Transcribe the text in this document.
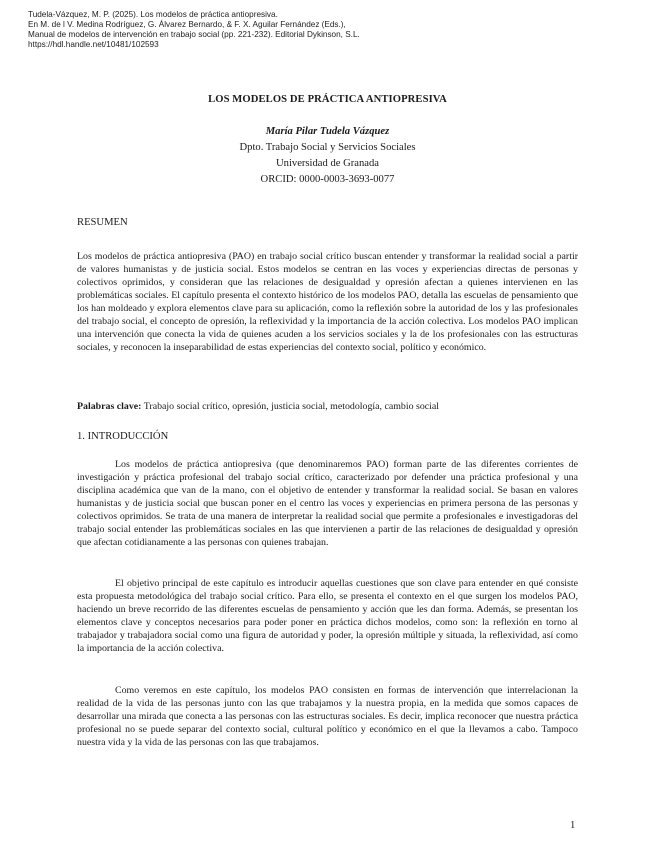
Tudela-Vázquez, M. P. (2025). Los modelos de práctica antiopresiva.
En M. de l V. Medina Rodríguez, G. Álvarez Bernardo, & F. X. Aguilar Fernández (Eds.),
Manual de modelos de intervención en trabajo social (pp. 221-232). Editorial Dykinson, S.L.
https://hdl.handle.net/10481/102593
LOS MODELOS DE PRÁCTICA ANTIOPRESIVA
María Pilar Tudela Vázquez
Dpto. Trabajo Social y Servicios Sociales
Universidad de Granada
ORCID: 0000-0003-3693-0077
RESUMEN
Los modelos de práctica antiopresiva (PAO) en trabajo social crítico buscan entender y transformar la realidad social a partir de valores humanistas y de justicia social. Estos modelos se centran en las voces y experiencias directas de personas y colectivos oprimidos, y consideran que las relaciones de desigualdad y opresión afectan a quienes intervienen en las problemáticas sociales. El capítulo presenta el contexto histórico de los modelos PAO, detalla las escuelas de pensamiento que los han moldeado y explora elementos clave para su aplicación, como la reflexión sobre la autoridad de los y las profesionales del trabajo social, el concepto de opresión, la reflexividad y la importancia de la acción colectiva. Los modelos PAO implican una intervención que conecta la vida de quienes acuden a los servicios sociales y la de los profesionales con las estructuras sociales, y reconocen la inseparabilidad de estas experiencias del contexto social, político y económico.
Palabras clave: Trabajo social crítico, opresión, justicia social, metodología, cambio social
1. INTRODUCCIÓN
Los modelos de práctica antiopresiva (que denominaremos PAO) forman parte de las diferentes corrientes de investigación y práctica profesional del trabajo social crítico, caracterizado por defender una práctica profesional y una disciplina académica que van de la mano, con el objetivo de entender y transformar la realidad social. Se basan en valores humanistas y de justicia social que buscan poner en el centro las voces y experiencias en primera persona de las personas y colectivos oprimidos. Se trata de una manera de interpretar la realidad social que permite a profesionales e investigadoras del trabajo social entender las problemáticas sociales en las que intervienen a partir de las relaciones de desigualdad y opresión que afectan cotidianamente a las personas con quienes trabajan.
El objetivo principal de este capítulo es introducir aquellas cuestiones que son clave para entender en qué consiste esta propuesta metodológica del trabajo social crítico. Para ello, se presenta el contexto en el que surgen los modelos PAO, haciendo un breve recorrido de las diferentes escuelas de pensamiento y acción que les dan forma. Además, se presentan los elementos clave y conceptos necesarios para poder poner en práctica dichos modelos, como son: la reflexión en torno al trabajador y trabajadora social como una figura de autoridad y poder, la opresión múltiple y situada, la reflexividad, así como la importancia de la acción colectiva.
Como veremos en este capítulo, los modelos PAO consisten en formas de intervención que interrelacionan la realidad de la vida de las personas junto con las que trabajamos y la nuestra propia, en la medida que somos capaces de desarrollar una mirada que conecta a las personas con las estructuras sociales. Es decir, implica reconocer que nuestra práctica profesional no se puede separar del contexto social, cultural político y económico en el que la llevamos a cabo. Tampoco nuestra vida y la vida de las personas con las que trabajamos.
1
